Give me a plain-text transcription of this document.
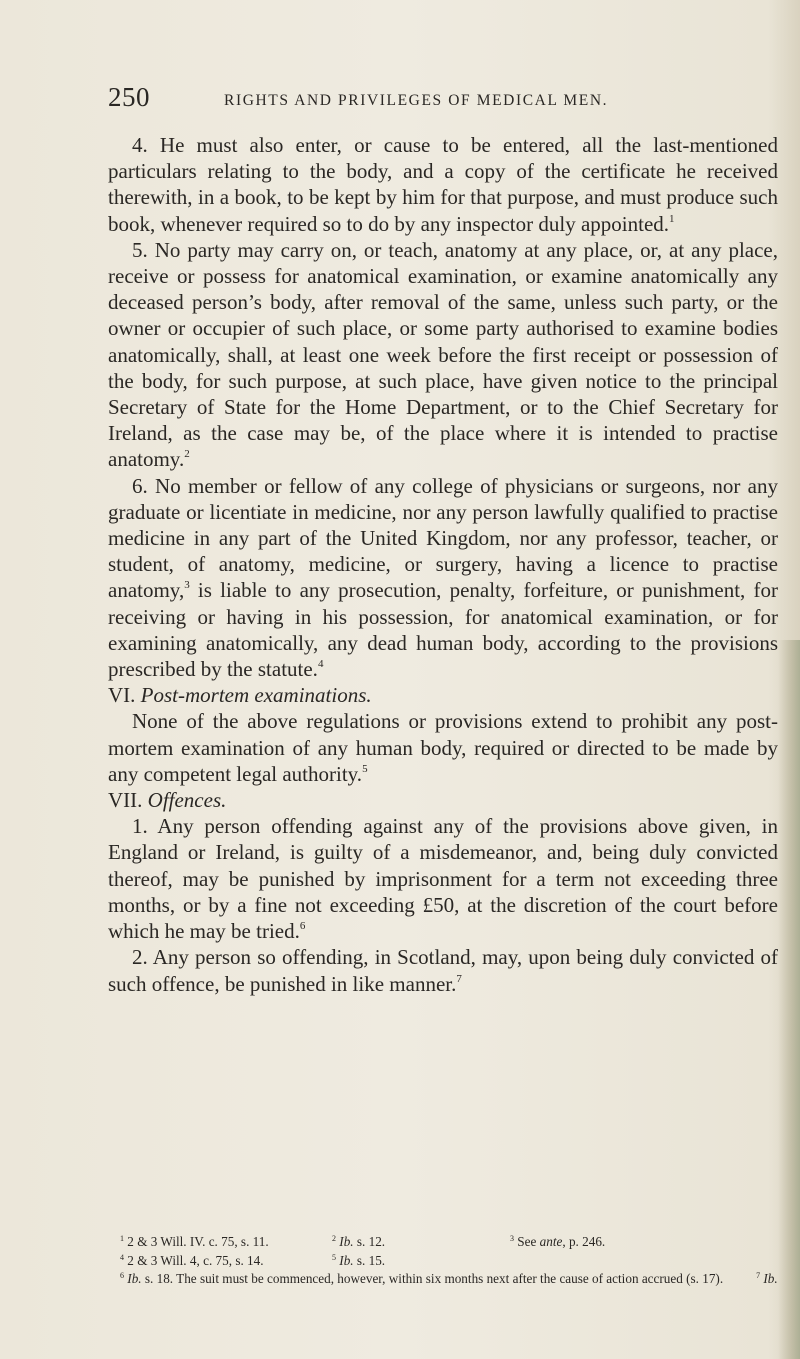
250	RIGHTS AND PRIVILEGES OF MEDICAL MEN.

4. He must also enter, or cause to be entered, all the last-mentioned particulars relating to the body, and a copy of the certificate he received therewith, in a book, to be kept by him for that purpose, and must produce such book, whenever required so to do by any inspector duly appointed.$^1$

5. No party may carry on, or teach, anatomy at any place, or, at any place, receive or possess for anatomical examination, or examine anatomically any deceased person’s body, after removal of the same, unless such party, or the owner or occupier of such place, or some party authorised to examine bodies anatomically, shall, at least one week before the first receipt or possession of the body, for such purpose, at such place, have given notice to the principal Secretary of State for the Home Department, or to the Chief Secretary for Ireland, as the case may be, of the place where it is intended to practise anatomy.$^2$

6. No member or fellow of any college of physicians or surgeons, nor any graduate or licentiate in medicine, nor any person lawfully qualified to practise medicine in any part of the United Kingdom, nor any professor, teacher, or student, of anatomy, medicine, or surgery, having a licence to practise anatomy,$^3$ is liable to any prosecution, penalty, forfeiture, or punishment, for receiving or having in his possession, for anatomical examination, or for examining anatomically, any dead human body, according to the provisions prescribed by the statute.$^4$

VI. Post-mortem examinations.

None of the above regulations or provisions extend to prohibit any post-mortem examination of any human body, required or directed to be made by any competent legal authority.$^5$

VII. Offences.

1. Any person offending against any of the provisions above given, in England or Ireland, is guilty of a misdemeanor, and, being duly convicted thereof, may be punished by imprisonment for a term not exceeding three months, or by a fine not exceeding £50, at the discretion of the court before which he may be tried.$^6$

2. Any person so offending, in Scotland, may, upon being duly convicted of such offence, be punished in like manner.$^7$

$^1$ 2 & 3 Will. IV. c. 75, s. 11.	$^2$ Ib. s. 12.	$^3$ See ante, p. 246.
$^4$ 2 & 3 Will. 4, c. 75, s. 14.	$^5$ Ib. s. 15.
$^6$ Ib. s. 18. The suit must be commenced, however, within six months next after the cause of action accrued (s. 17).	$^7$ Ib.
